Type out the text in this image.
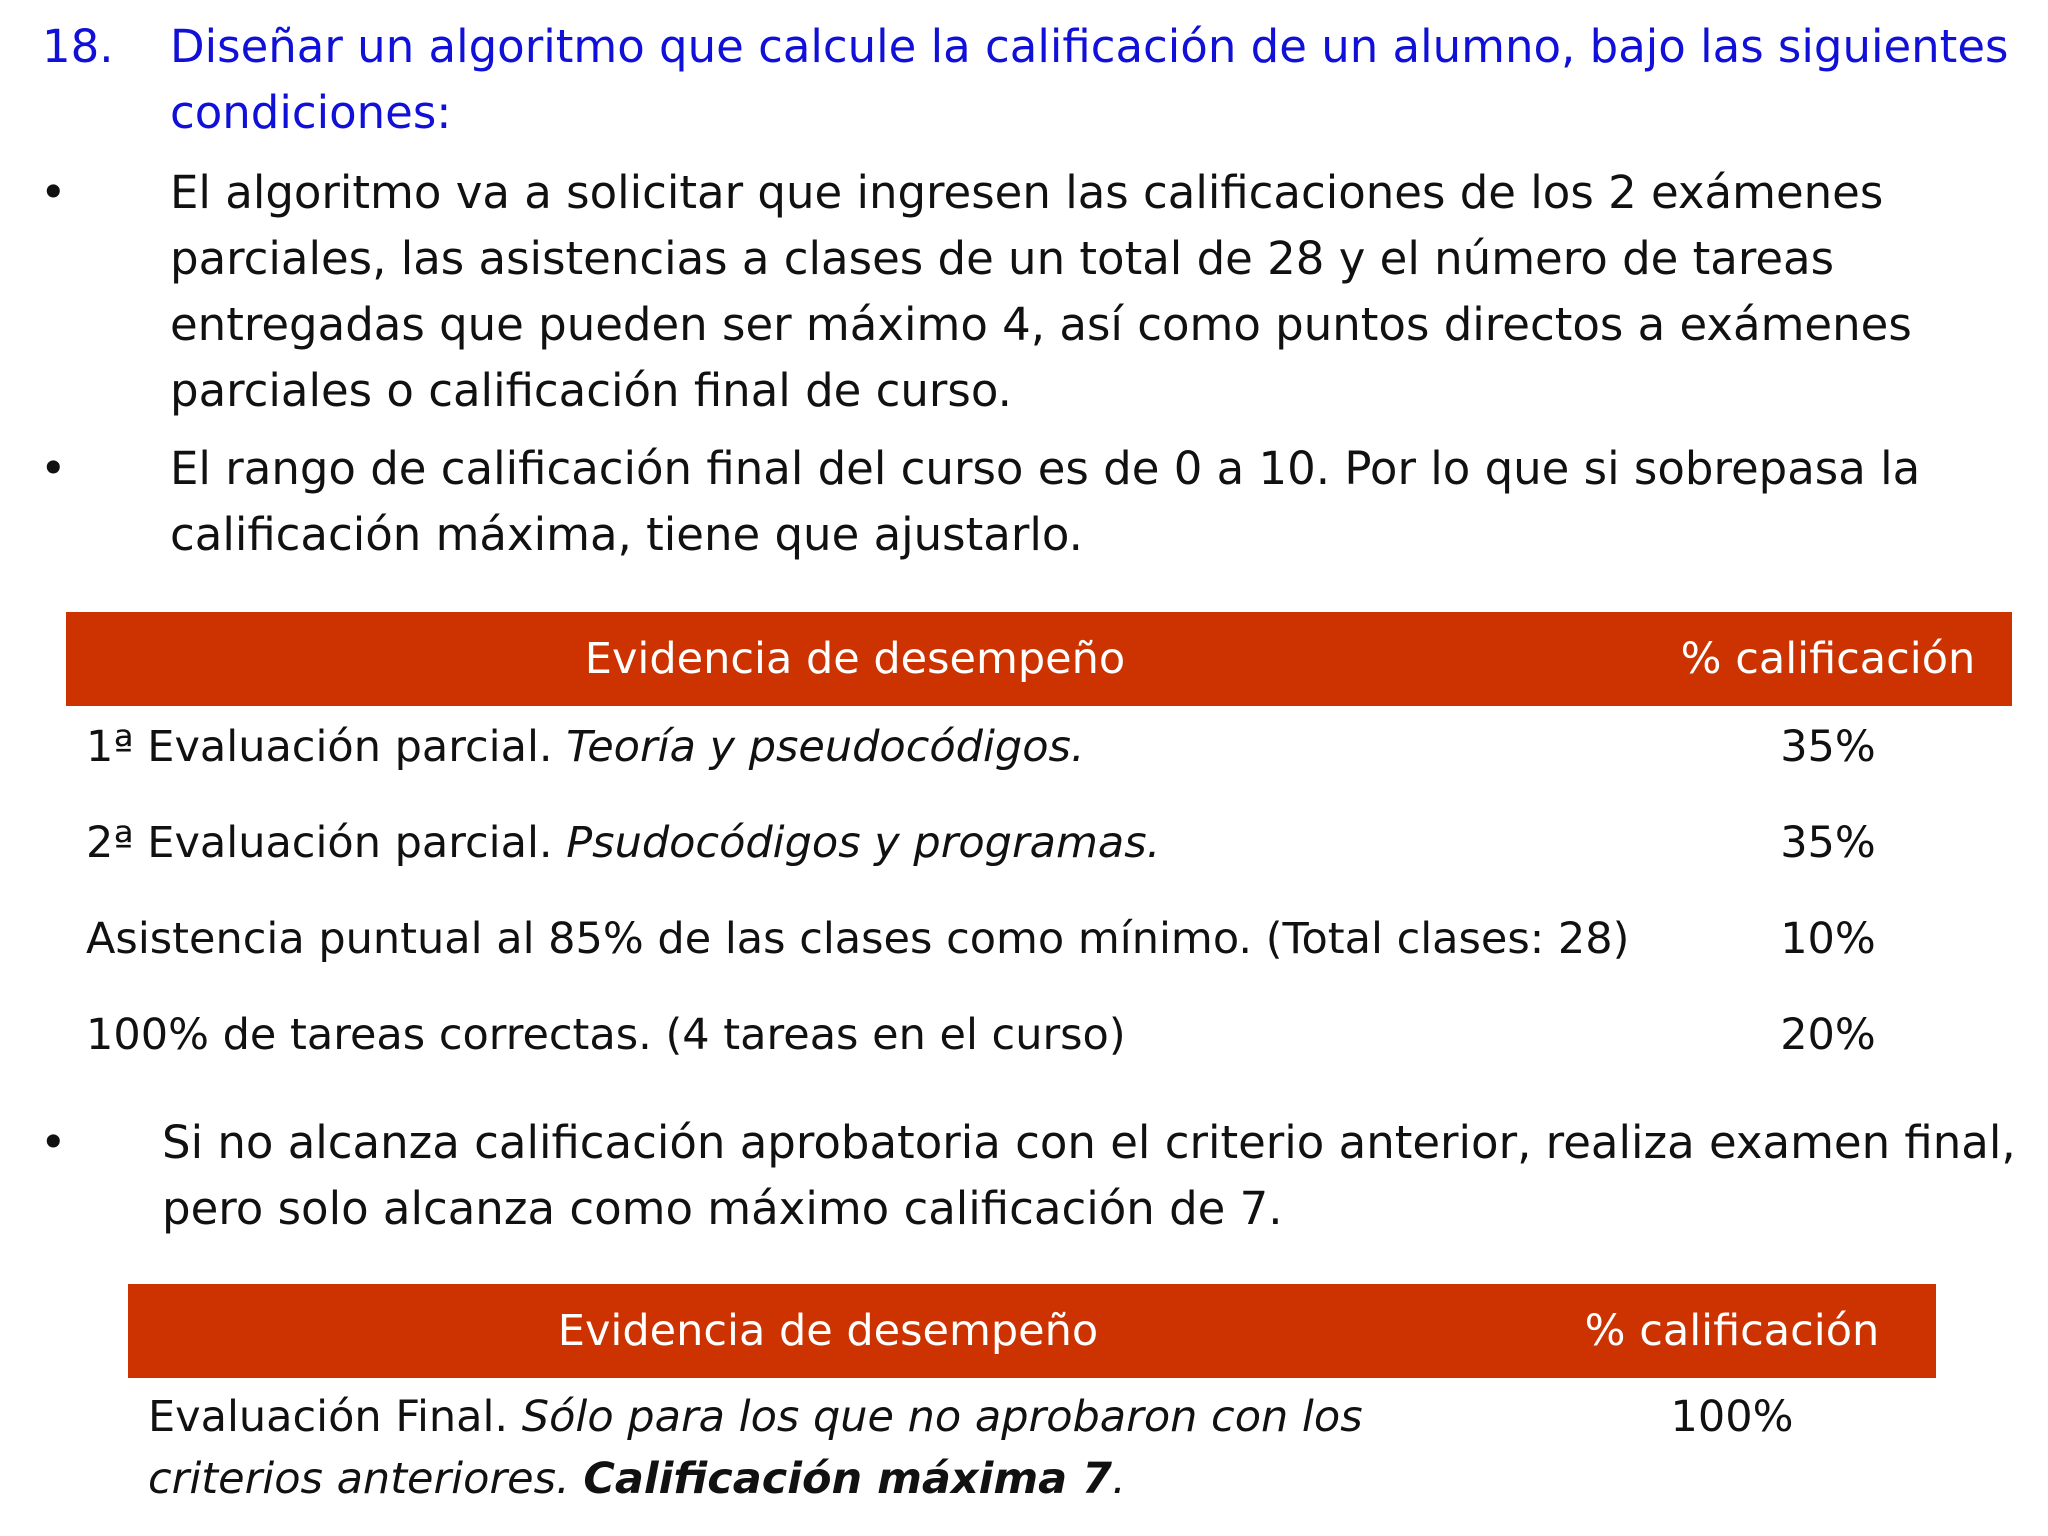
18. Diseñar un algoritmo que calcule la calificación de un alumno, bajo las siguientes condiciones:
• El algoritmo va a solicitar que ingresen las calificaciones de los 2 exámenes parciales, las asistencias a clases de un total de 28 y el número de tareas entregadas que pueden ser máximo 4, así como puntos directos a exámenes parciales o calificación final de curso.
• El rango de calificación final del curso es de 0 a 10. Por lo que si sobrepasa la calificación máxima, tiene que ajustarlo.
Evidencia de desempeño	% calificación
1ª Evaluación parcial. Teoría y pseudocódigos.	35%
2ª Evaluación parcial. Psudocódigos y programas.	35%
Asistencia puntual al 85% de las clases como mínimo. (Total clases: 28)	10%
100% de tareas correctas. (4 tareas en el curso)	20%
• Si no alcanza calificación aprobatoria con el criterio anterior, realiza examen final, pero solo alcanza como máximo calificación de 7.
Evidencia de desempeño	% calificación
Evaluación Final. Sólo para los que no aprobaron con los criterios anteriores. Calificación máxima 7.	100%
